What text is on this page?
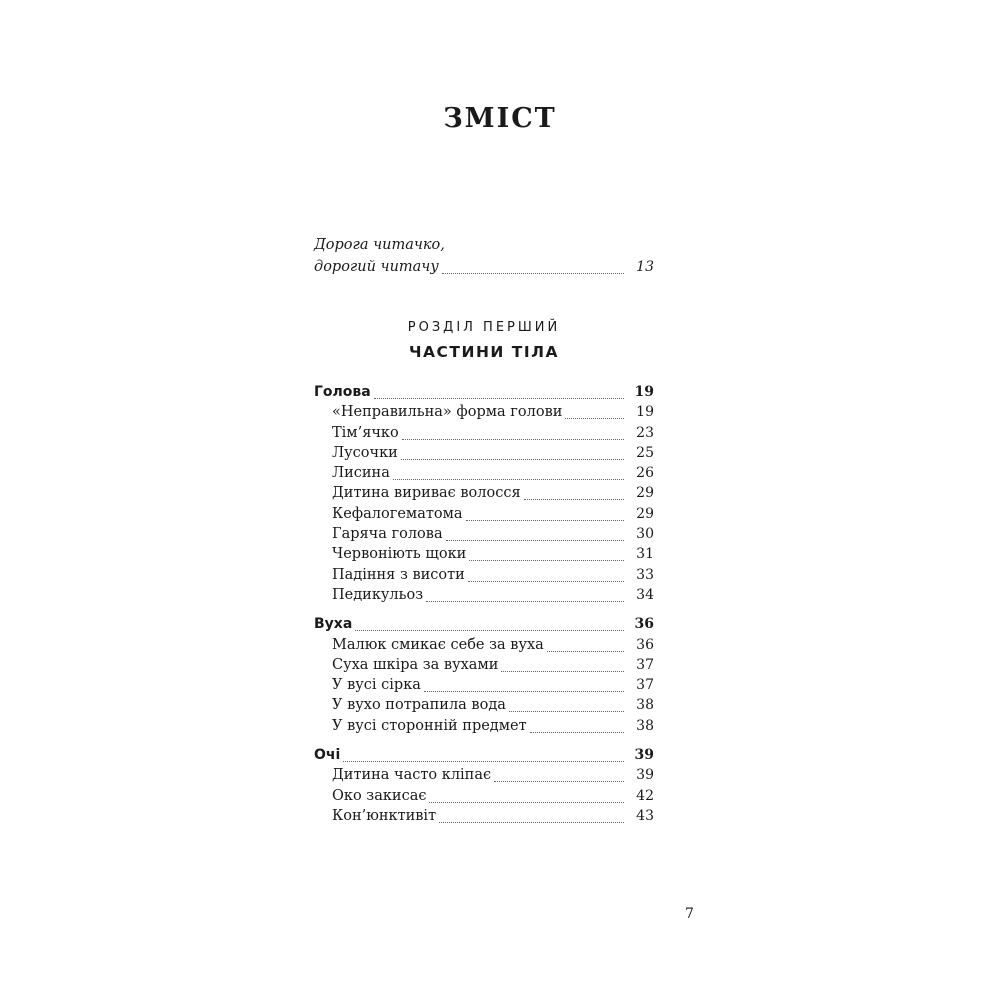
ЗМІСТ
Дорога читачко,
дорогий читачу	13
РОЗДІЛ ПЕРШИЙ
ЧАСТИНИ ТІЛА
Голова	19
«Неправильна» форма голови	19
Тім’ячко	23
Лусочки	25
Лисина	26
Дитина вириває волосся	29
Кефалогематома	29
Гаряча голова	30
Червоніють щоки	31
Падіння з висоти	33
Педикульоз	34
Вуха	36
Малюк смикає себе за вуха	36
Суха шкіра за вухами	37
У вусі сірка	37
У вухо потрапила вода	38
У вусі сторонній предмет	38
Очі	39
Дитина часто кліпає	39
Око закисає	42
Кон’юнктивіт	43
7
